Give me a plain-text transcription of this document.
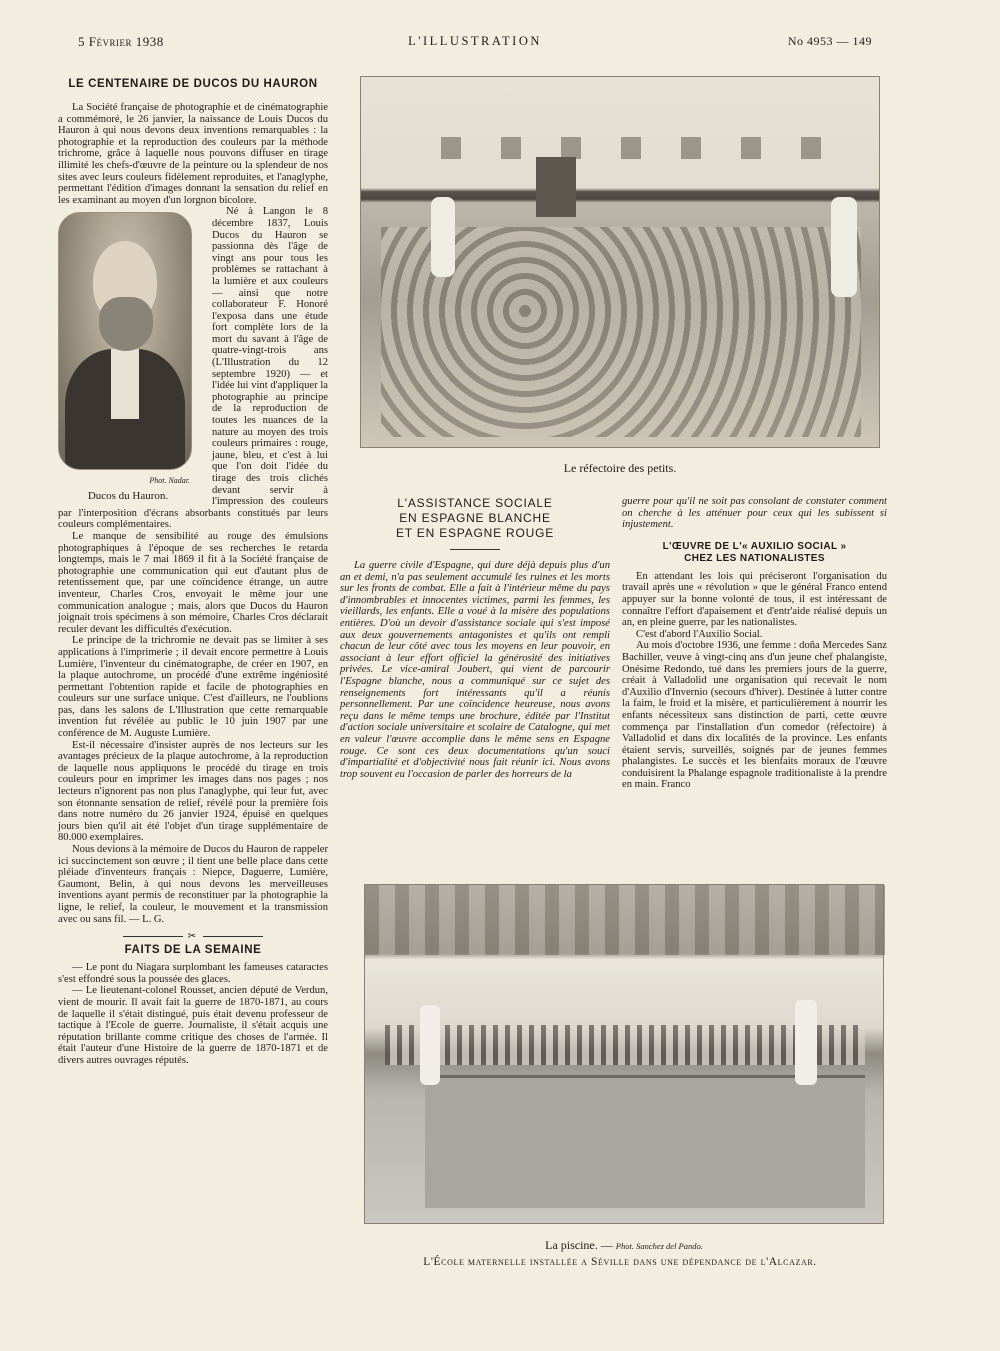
5 Février 1938	L'ILLUSTRATION	No 4953 — 149
LE CENTENAIRE DE DUCOS DU HAURON

La Société française de photographie et de cinématographie a commémoré, le 26 janvier, la naissance de Louis Ducos du Hauron à qui nous devons deux inventions remarquables : la photographie et la reproduction des couleurs par la méthode trichrome, grâce à laquelle nous pouvons diffuser en tirage illimité les chefs-d'œuvre de la peinture ou la splendeur de nos sites avec leurs couleurs fidèlement reproduites, et l'anaglyphe, permettant l'édition d'images donnant la sensation du relief en les examinant au moyen d'un lorgnon bicolore.

Phot. Nadar.
Ducos du Hauron.

Né à Langon le 8 décembre 1837, Louis Ducos du Hauron se passionna dès l'âge de vingt ans pour tous les problèmes se rattachant à la lumière et aux couleurs — ainsi que notre collaborateur F. Honoré l'exposa dans une étude fort complète lors de la mort du savant à l'âge de quatre-vingt-trois ans (L'Illustration du 12 septembre 1920) — et l'idée lui vint d'appliquer la photographie au principe de la reproduction de toutes les nuances de la nature au moyen des trois couleurs primaires : rouge, jaune, bleu, et c'est à lui que l'on doit l'idée du tirage des trois clichés devant servir à l'impression des couleurs par l'interposition d'écrans absorbants constitués par leurs couleurs complémentaires.

Le manque de sensibilité au rouge des émulsions photographiques à l'époque de ses recherches le retarda longtemps, mais le 7 mai 1869 il fit à la Société française de photographie une communication qui eut d'autant plus de retentissement que, par une coïncidence étrange, un autre inventeur, Charles Cros, envoyait le même jour une communication analogue ; mais, alors que Ducos du Hauron joignait trois spécimens à son mémoire, Charles Cros déclarait reculer devant les difficultés d'exécution.

Le principe de la trichromie ne devait pas se limiter à ses applications à l'imprimerie ; il devait encore permettre à Louis Lumière, l'inventeur du cinématographe, de créer en 1907, en la plaque autochrome, un procédé d'une extrême ingéniosité permettant l'obtention rapide et facile de photographies en couleurs sur une surface unique. C'est d'ailleurs, ne l'oublions pas, dans les salons de L'Illustration que cette remarquable invention fut révélée au public le 10 juin 1907 par une conférence de M. Auguste Lumière.

Est-il nécessaire d'insister auprès de nos lecteurs sur les avantages précieux de la plaque autochrome, à la reproduction de laquelle nous appliquons le procédé du tirage en trois couleurs pour en imprimer les images dans nos pages ; nos lecteurs n'ignorent pas non plus l'anaglyphe, qui leur fut, avec son étonnante sensation de relief, révélé pour la première fois dans notre numéro du 26 janvier 1924, épuisé en quelques jours bien qu'il ait été l'objet d'un tirage supplémentaire de 80.000 exemplaires.

Nous devions à la mémoire de Ducos du Hauron de rappeler ici succinctement son œuvre ; il tient une belle place dans cette pléiade d'inventeurs français : Niepce, Daguerre, Lumière, Gaumont, Belin, à qui nous devons les merveilleuses inventions ayant permis de reconstituer par la photographie la ligne, le relief, la couleur, le mouvement et la transmission avec ou sans fil. — L. G.

✂
FAITS DE LA SEMAINE

— Le pont du Niagara surplombant les fameuses cataractes s'est effondré sous la poussée des glaces.

— Le lieutenant-colonel Rousset, ancien député de Verdun, vient de mourir. Il avait fait la guerre de 1870-1871, au cours de laquelle il s'était distingué, puis était devenu professeur de tactique à l'Ecole de guerre. Journaliste, il s'était acquis une réputation brillante comme critique des choses de l'armée. Il était l'auteur d'une Histoire de la guerre de 1870-1871 et de divers autres ouvrages réputés.

Le réfectoire des petits.
L'ASSISTANCE SOCIALE
EN ESPAGNE BLANCHE
ET EN ESPAGNE ROUGE

La guerre civile d'Espagne, qui dure déjà depuis plus d'un an et demi, n'a pas seulement accumulé les ruines et les morts sur les fronts de combat. Elle a fait à l'intérieur même du pays d'innombrables et innocentes victimes, parmi les femmes, les vieillards, les enfants. Elle a voué à la misère des populations entières. D'où un devoir d'assistance sociale qui s'est imposé aux deux gouvernements antagonistes et qu'ils ont rempli chacun de leur côté avec tous les moyens en leur pouvoir, en associant à leur effort officiel la générosité des initiatives privées. Le vice-amiral Joubert, qui vient de parcourir l'Espagne blanche, nous a communiqué sur ce sujet des renseignements fort intéressants qu'il a réunis personnellement. Par une coïncidence heureuse, nous avons reçu dans le même temps une brochure, éditée par l'Institut d'action sociale universitaire et scolaire de Catalogne, qui met en valeur l'œuvre accomplie dans le même sens en Espagne rouge. Ce sont ces deux documentations qu'un souci d'impartialité et d'objectivité nous fait réunir ici. Nous avons trop souvent eu l'occasion de parler des horreurs de la

guerre pour qu'il ne soit pas consolant de constater comment on cherche à les atténuer pour ceux qui les subissent si injustement.

L'ŒUVRE DE L'« AUXILIO SOCIAL »
CHEZ LES NATIONALISTES

En attendant les lois qui préciseront l'organisation du travail après une « révolution » que le général Franco entend appuyer sur la bonne volonté de tous, il est intéressant de connaître l'effort d'apaisement et d'entr'aide réalisé depuis un an, en pleine guerre, par les nationalistes.

C'est d'abord l'Auxilio Social.

Au mois d'octobre 1936, une femme : doña Mercedes Sanz Bachiller, veuve à vingt-cinq ans d'un jeune chef phalangiste, Onésime Redondo, tué dans les premiers jours de la guerre, créait à Valladolid une organisation qui recevait le nom d'Auxilio d'Invernio (secours d'hiver). Destinée à lutter contre la faim, le froid et la misère, et particulièrement à nourrir les enfants nécessiteux sans distinction de parti, cette œuvre commença par l'installation d'un comedor (réfectoire) à Valladolid et dans dix localités de la province. Les enfants étaient servis, surveillés, soignés par de jeunes femmes phalangistes. Le succès et les bienfaits moraux de l'œuvre conduisirent la Phalange espagnole traditionaliste à la prendre en main. Franco

La piscine. — Phot. Sanchez del Pando.
L'École maternelle installée a Séville dans une dépendance de l'Alcazar.
